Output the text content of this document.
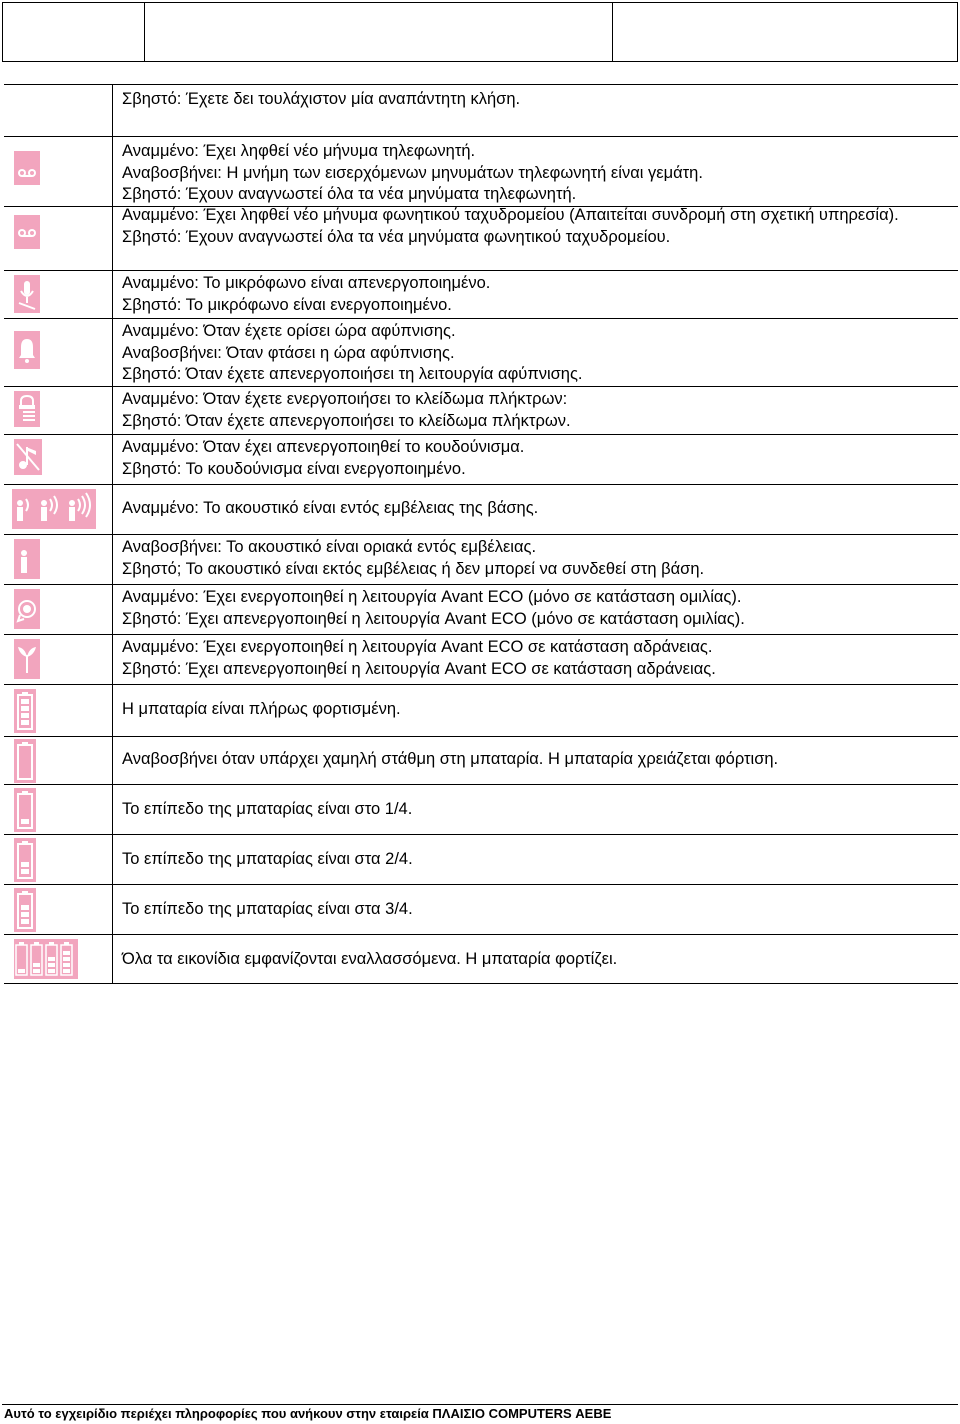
Σβηστό: Έχετε δει τουλάχιστον μία αναπάντητη κλήση.
Αναμμένο: Έχει ληφθεί νέο μήνυμα τηλεφωνητή.
Αναβοσβήνει: Η μνήμη των εισερχόμενων μηνυμάτων τηλεφωνητή είναι γεμάτη.
Σβηστό: Έχουν αναγνωστεί όλα τα νέα μηνύματα τηλεφωνητή.
Αναμμένο: Έχει ληφθεί νέο μήνυμα φωνητικού ταχυδρομείου (Απαιτείται συνδρομή στη σχετική υπηρεσία).
Σβηστό: Έχουν αναγνωστεί όλα τα νέα μηνύματα φωνητικού ταχυδρομείου.
Αναμμένο: Το μικρόφωνο είναι απενεργοποιημένο.
Σβηστό: Το μικρόφωνο είναι ενεργοποιημένο.
Αναμμένο: Όταν έχετε ορίσει ώρα αφύπνισης.
Αναβοσβήνει: Όταν φτάσει η ώρα αφύπνισης.
Σβηστό: Όταν έχετε απενεργοποιήσει τη λειτουργία αφύπνισης.
Αναμμένο: Όταν έχετε ενεργοποιήσει το κλείδωμα πλήκτρων:
Σβηστό: Όταν έχετε απενεργοποιήσει το κλείδωμα πλήκτρων.
Αναμμένο: Όταν έχει απενεργοποιηθεί το κουδούνισμα.
Σβηστό: Το κουδούνισμα είναι ενεργοποιημένο.
Αναμμένο: Το ακουστικό είναι εντός εμβέλειας της βάσης.
Αναβοσβήνει: Το ακουστικό είναι οριακά εντός εμβέλειας.
Σβηστό; Το ακουστικό είναι εκτός εμβέλειας ή δεν μπορεί να συνδεθεί στη βάση.
Αναμμένο: Έχει ενεργοποιηθεί η λειτουργία Avant ECO (μόνο σε κατάσταση ομιλίας).
Σβηστό: Έχει απενεργοποιηθεί η λειτουργία Avant ECO (μόνο σε κατάσταση ομιλίας).
Αναμμένο: Έχει ενεργοποιηθεί η λειτουργία Avant ECO σε κατάσταση αδράνειας.
Σβηστό: Έχει απενεργοποιηθεί η λειτουργία Avant ECO σε κατάσταση αδράνειας.
Η μπαταρία είναι πλήρως φορτισμένη.
Αναβοσβήνει όταν υπάρχει χαμηλή στάθμη στη μπαταρία. Η μπαταρία χρειάζεται φόρτιση.
Το επίπεδο της μπαταρίας είναι στο 1/4.
Το επίπεδο της μπαταρίας είναι στα 2/4.
Το επίπεδο της μπαταρίας είναι στα 3/4.
Όλα τα εικονίδια εμφανίζονται εναλλασσόμενα. Η μπαταρία φορτίζει.
Αυτό το εγχειρίδιο περιέχει πληροφορίες που ανήκουν στην εταιρεία ΠΛΑΙΣΙΟ COMPUTERS ΑΕΒΕ
